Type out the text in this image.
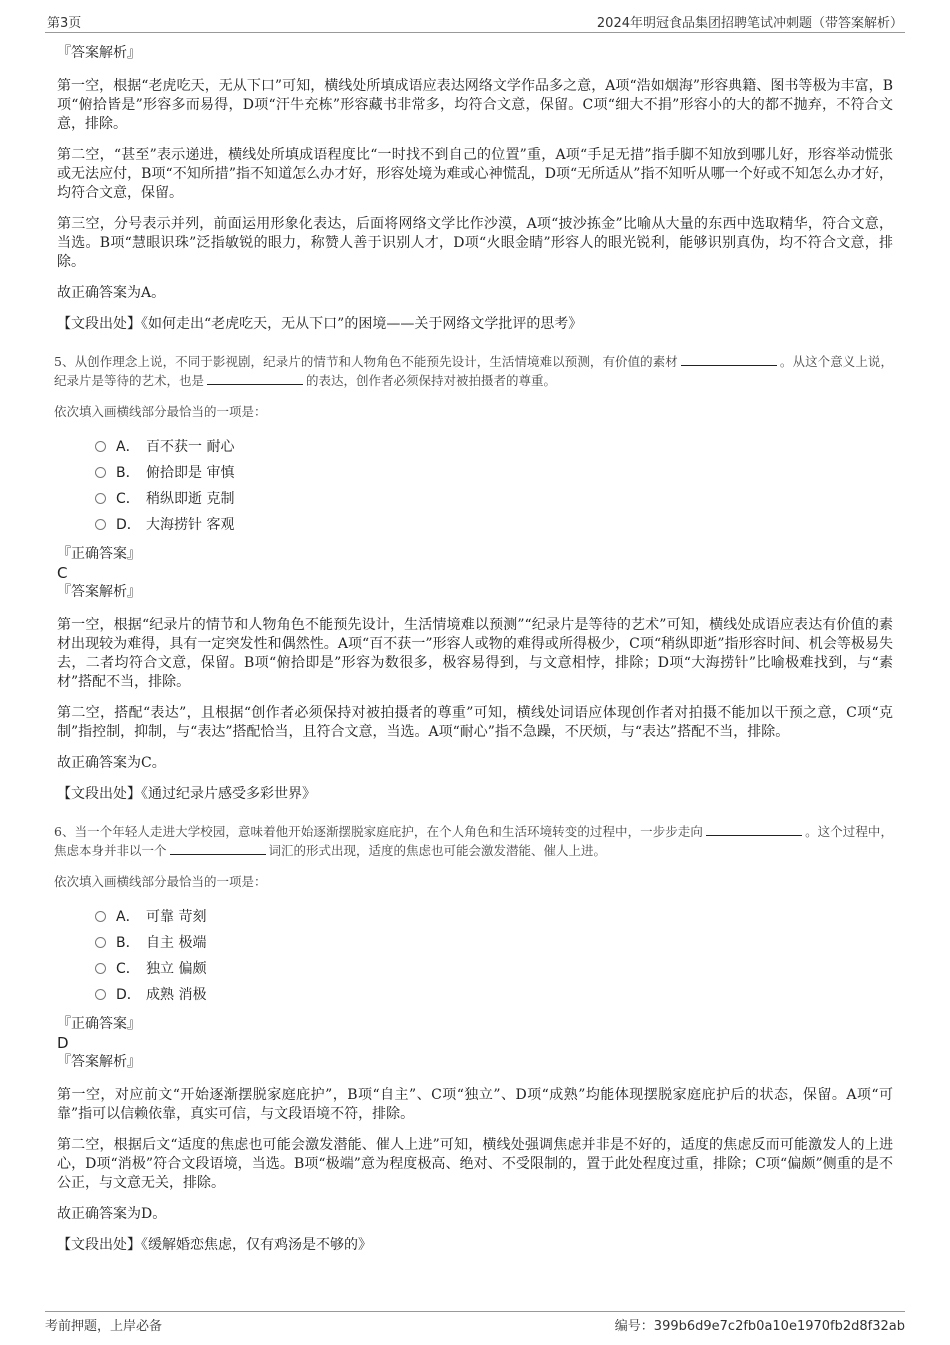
第3页	2024年明冠食品集团招聘笔试冲刺题（带答案解析）

『答案解析』

第一空，根据“老虎吃天，无从下口”可知，横线处所填成语应表达网络文学作品多之意，A项“浩如烟海”形容典籍、图书等极为丰富，B项“俯拾皆是”形容多而易得，D项“汗牛充栋”形容藏书非常多，均符合文意，保留。C项“细大不捐”形容小的大的都不抛弃，不符合文意，排除。

第二空，“甚至”表示递进，横线处所填成语程度比“一时找不到自己的位置”重，A项“手足无措”指手脚不知放到哪儿好，形容举动慌张或无法应付，B项“不知所措”指不知道怎么办才好，形容处境为难或心神慌乱，D项“无所适从”指不知听从哪一个好或不知怎么办才好，均符合文意，保留。

第三空，分号表示并列，前面运用形象化表达，后面将网络文学比作沙漠，A项“披沙拣金”比喻从大量的东西中选取精华，符合文意，当选。B项“慧眼识珠”泛指敏锐的眼力，称赞人善于识别人才，D项“火眼金睛”形容人的眼光锐利，能够识别真伪，均不符合文意，排除。

故正确答案为A。

【文段出处】《如何走出“老虎吃天，无从下口”的困境——关于网络文学批评的思考》

5、从创作理念上说，不同于影视剧，纪录片的情节和人物角色不能预先设计，生活情境难以预测，有价值的素材	。从这个意义上说，纪录片是等待的艺术，也是	的表达，创作者必须保持对被拍摄者的尊重。

依次填入画横线部分最恰当的一项是：

A． 百不获一 耐心
B． 俯拾即是 审慎
C． 稍纵即逝 克制
D． 大海捞针 客观

『正确答案』

C

『答案解析』

第一空，根据“纪录片的情节和人物角色不能预先设计，生活情境难以预测”“纪录片是等待的艺术”可知，横线处成语应表达有价值的素材出现较为难得，具有一定突发性和偶然性。A项“百不获一”形容人或物的难得或所得极少，C项“稍纵即逝”指形容时间、机会等极易失去，二者均符合文意，保留。B项“俯拾即是”形容为数很多，极容易得到，与文意相悖，排除；D项“大海捞针”比喻极难找到，与“素材”搭配不当，排除。

第二空，搭配“表达”，且根据“创作者必须保持对被拍摄者的尊重”可知，横线处词语应体现创作者对拍摄不能加以干预之意，C项“克制”指控制，抑制，与“表达”搭配恰当，且符合文意，当选。A项“耐心”指不急躁，不厌烦，与“表达”搭配不当，排除。

故正确答案为C。

【文段出处】《通过纪录片感受多彩世界》

6、当一个年轻人走进大学校园，意味着他开始逐渐摆脱家庭庇护，在个人角色和生活环境转变的过程中，一步步走向	。这个过程中，焦虑本身并非以一个	词汇的形式出现，适度的焦虑也可能会激发潜能、催人上进。

依次填入画横线部分最恰当的一项是：

A． 可靠 苛刻
B． 自主 极端
C． 独立 偏颇
D． 成熟 消极

『正确答案』

D

『答案解析』

第一空，对应前文“开始逐渐摆脱家庭庇护”，B项“自主”、C项“独立”、D项“成熟”均能体现摆脱家庭庇护后的状态，保留。A项“可靠”指可以信赖依靠，真实可信，与文段语境不符，排除。

第二空，根据后文“适度的焦虑也可能会激发潜能、催人上进”可知，横线处强调焦虑并非是不好的，适度的焦虑反而可能激发人的上进心，D项“消极”符合文段语境，当选。B项“极端”意为程度极高、绝对、不受限制的，置于此处程度过重，排除；C项“偏颇”侧重的是不公正，与文意无关，排除。

故正确答案为D。

【文段出处】《缓解婚恋焦虑，仅有鸡汤是不够的》

考前押题，上岸必备	编号：399b6d9e7c2fb0a10e1970fb2d8f32ab
